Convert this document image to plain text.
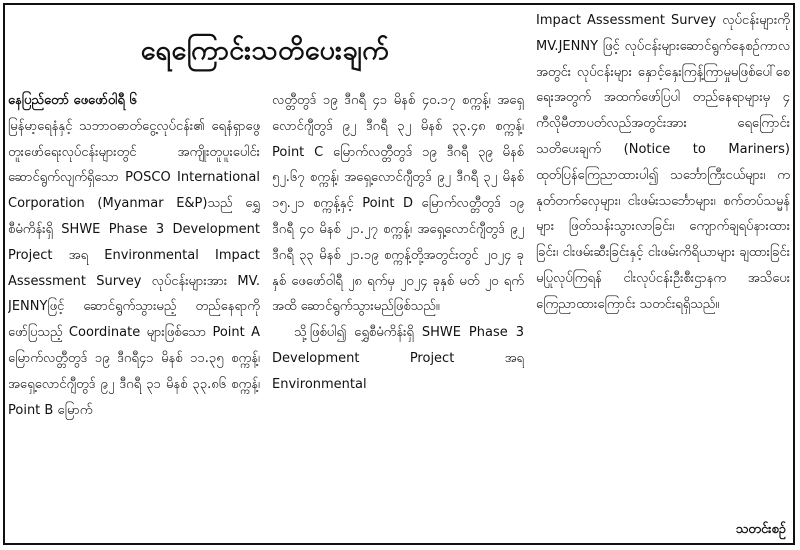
ရေကြောင်းသတိပေးချက်

နေပြည်တော် ဖေဖော်ဝါရီ ၆

မြန်မာ့ရေနံနှင့် သဘာဝဓာတ်ငွေ့လုပ်ငန်း၏ ရေနံရှာဖွေတူးဖော်ရေးလုပ်ငန်းများတွင် အကျိုးတူပူးပေါင်းဆောင်ရွက်လျက်ရှိသော POSCO International Corporation (Myanmar E&P)သည် ရွှေစီမံကိန်းရှိ SHWE Phase 3 Development Project အရ Environmental Impact Assessment Survey လုပ်ငန်းများအား MV. JENNYဖြင့် ဆောင်ရွက်သွားမည့် တည်နေရာကို ဖော်ပြသည့် Coordinate များဖြစ်သော Point A မြောက်လတ္တီတွဒ် ၁၉ ဒီဂရီ၄၁ မိနစ် ၁၁.၃၅ စက္ကန့်၊ အရှေ့လောင်ဂျီတွဒ် ၉၂ ဒီဂရီ ၃၁ မိနစ် ၃၃.၈၆ စက္ကန့်၊ Point B မြောက်

လတ္တီတွဒ် ၁၉ ဒီဂရီ ၄၁ မိနစ် ၄၀.၁၇ စက္ကန့်၊ အရှေ့လောင်ဂျီတွဒ် ၉၂ ဒီဂရီ ၃၂ မိနစ် ၃၃.၄၈ စက္ကန့်၊ Point C မြောက်လတ္တီတွဒ် ၁၉ ဒီဂရီ ၃၉ မိနစ် ၅၂.၆၇ စက္ကန့်၊ အရှေ့လောင်ဂျီတွဒ် ၉၂ ဒီဂရီ ၃၂ မိနစ် ၁၅.၂၁ စက္ကန့်နှင့် Point D မြောက်လတ္တီတွဒ် ၁၉ ဒီဂရီ ၄၀ မိနစ် ၂၁.၂၇ စက္ကန့်၊ အရှေ့လောင်ဂျီတွဒ် ၉၂ ဒီဂရီ ၃၃ မိနစ် ၂၁.၁၉ စက္ကန့်တို့အတွင်းတွင် ၂၀၂၄ ခုနှစ် ဖေဖော်ဝါရီ ၂၈ ရက်မှ ၂၀၂၄ ခုနှစ် မတ် ၂၀ ရက်အထိ ဆောင်ရွက်သွားမည်ဖြစ်သည်။

သို့ဖြစ်ပါ၍ ရွှေစီမံကိန်းရှိ SHWE Phase 3 Development Project အရ Environmental

Impact Assessment Survey လုပ်ငန်းများကို MV.JENNY ဖြင့် လုပ်ငန်းများဆောင်ရွက်နေစဉ်ကာလအတွင်း လုပ်ငန်းများ နှောင့်နှေးကြန့်ကြာမှုမဖြစ်ပေါ်စေရေးအတွက် အထက်ဖော်ပြပါ တည်နေရာများမှ ၄ ကီလိုမီတာပတ်လည်အတွင်းအား ရေကြောင်းသတိပေးချက် (Notice to Mariners) ထုတ်ပြန်ကြေညာထားပါ၍ သင်္ဘောကြီးငယ်များ၊ ကနုတ်တက်လှေများ၊ ငါးဖမ်းသင်္ဘောများ၊ စက်တပ်သမ္မန်များ ဖြတ်သန်းသွားလာခြင်း၊ ကျောက်ချရပ်နားထားခြင်း၊ ငါးဖမ်းဆီးခြင်းနှင့် ငါးဖမ်းကိရိယာများ ချထားခြင်းမပြုလုပ်ကြရန် ငါးလုပ်ငန်းဦးစီးဌာနက အသိပေးကြေညာထားကြောင်း သတင်းရရှိသည်။

သတင်းစဉ်
